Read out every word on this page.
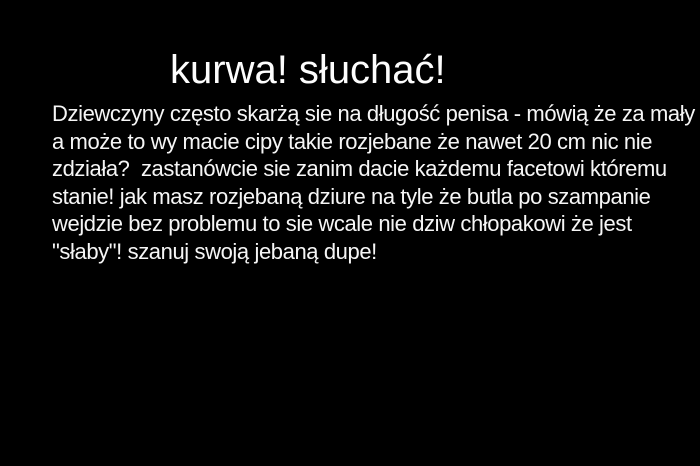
kurwa! słuchać!
Dziewczyny często skarżą sie na długość penisa - mówią że za mały
a może to wy macie cipy takie rozjebane że nawet 20 cm nic nie
zdziała?  zastanówcie sie zanim dacie każdemu facetowi któremu
stanie! jak masz rozjebaną dziure na tyle że butla po szampanie
wejdzie bez problemu to sie wcale nie dziw chłopakowi że jest
"słaby"! szanuj swoją jebaną dupe!
